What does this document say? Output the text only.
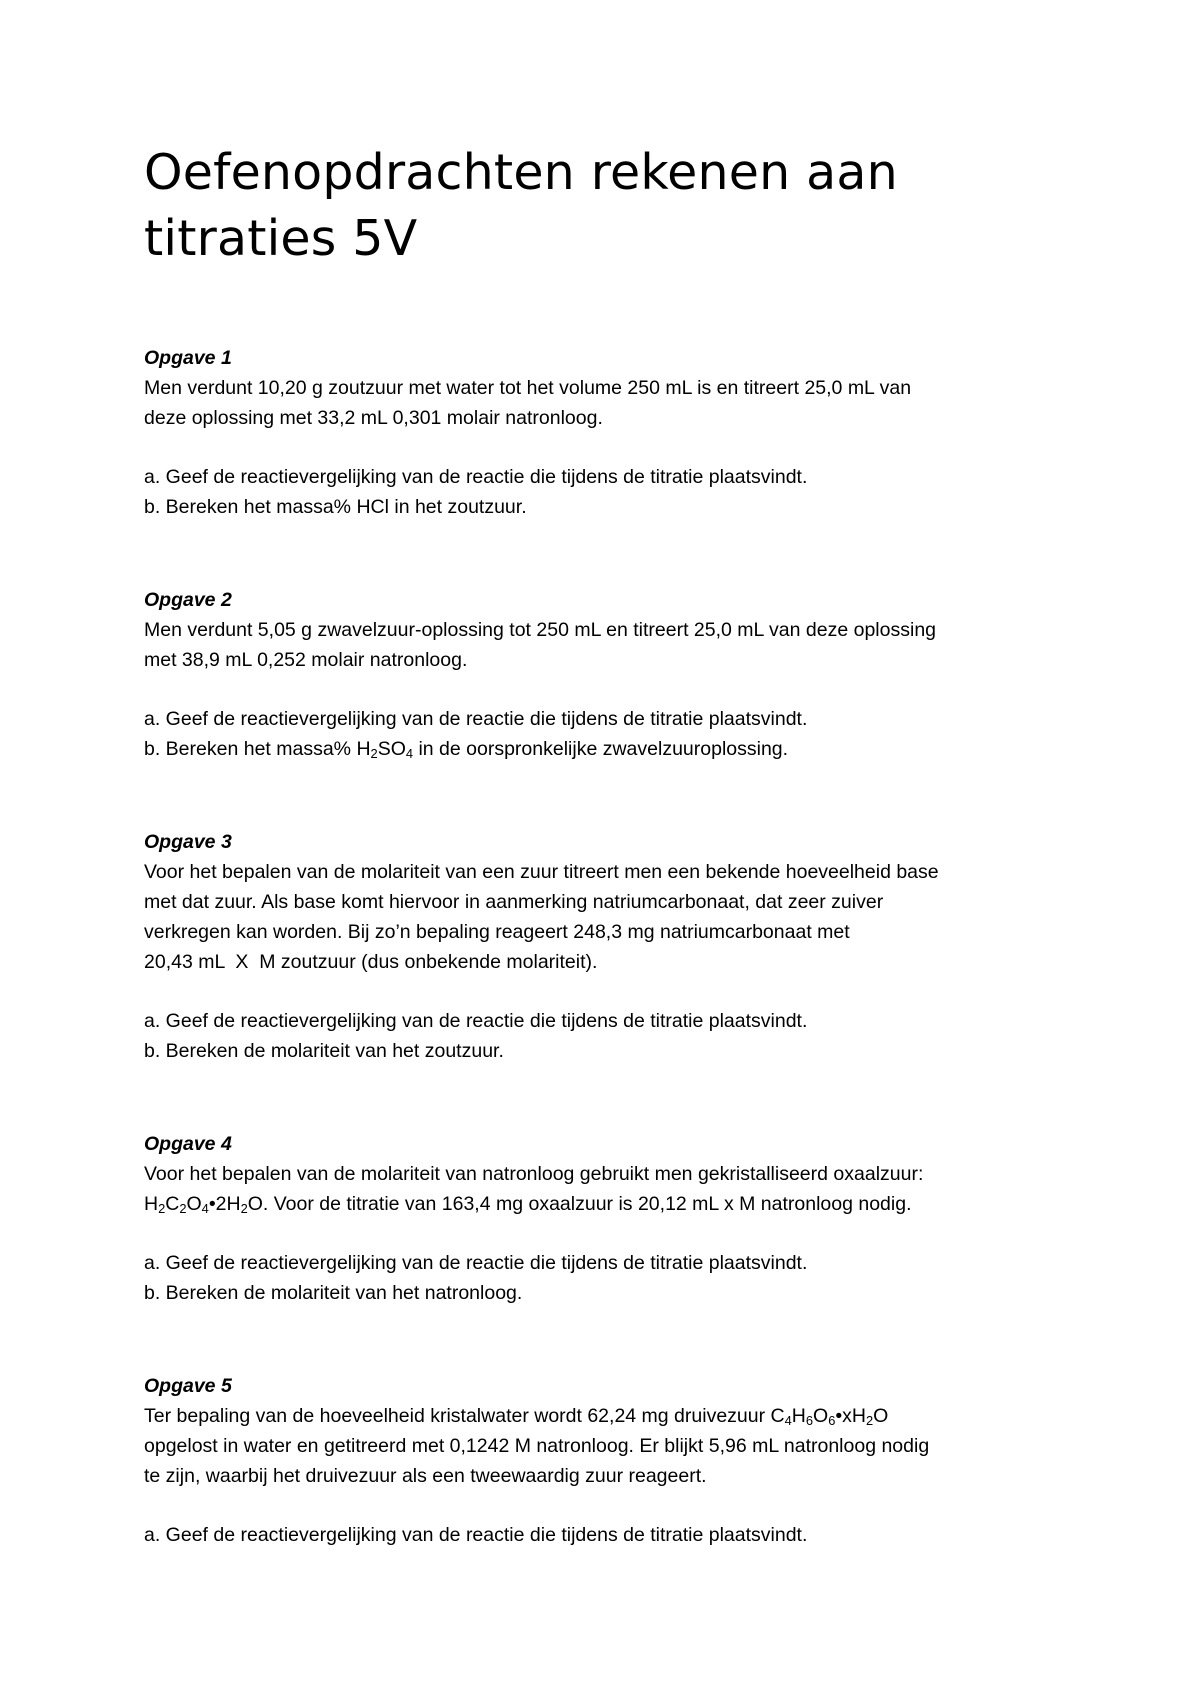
Oefenopdrachten rekenen aan
titraties 5V
Opgave 1
Men verdunt 10,20 g zoutzuur met water tot het volume 250 mL is en titreert 25,0 mL van
deze oplossing met 33,2 mL 0,301 molair natronloog.
a. Geef de reactievergelijking van de reactie die tijdens de titratie plaatsvindt.
b. Bereken het massa% HCl in het zoutzuur.
Opgave 2
Men verdunt 5,05 g zwavelzuur-oplossing tot 250 mL en titreert 25,0 mL van deze oplossing
met 38,9 mL 0,252 molair natronloog.
a. Geef de reactievergelijking van de reactie die tijdens de titratie plaatsvindt.
b. Bereken het massa% $H_2SO_4$ in de oorspronkelijke zwavelzuuroplossing.
Opgave 3
Voor het bepalen van de molariteit van een zuur titreert men een bekende hoeveelheid base
met dat zuur. Als base komt hiervoor in aanmerking natriumcarbonaat, dat zeer zuiver
verkregen kan worden. Bij zo’n bepaling reageert 248,3 mg natriumcarbonaat met
20,43 mL  X  M zoutzuur (dus onbekende molariteit).
a. Geef de reactievergelijking van de reactie die tijdens de titratie plaatsvindt.
b. Bereken de molariteit van het zoutzuur.
Opgave 4
Voor het bepalen van de molariteit van natronloog gebruikt men gekristalliseerd oxaalzuur:
$H_2C_2O_4•2H_2O$. Voor de titratie van 163,4 mg oxaalzuur is 20,12 mL x M natronloog nodig.
a. Geef de reactievergelijking van de reactie die tijdens de titratie plaatsvindt.
b. Bereken de molariteit van het natronloog.
Opgave 5
Ter bepaling van de hoeveelheid kristalwater wordt 62,24 mg druivezuur $C_4H_6O_6•xH_2O$
opgelost in water en getitreerd met 0,1242 M natronloog. Er blijkt 5,96 mL natronloog nodig
te zijn, waarbij het druivezuur als een tweewaardig zuur reageert.
a. Geef de reactievergelijking van de reactie die tijdens de titratie plaatsvindt.
